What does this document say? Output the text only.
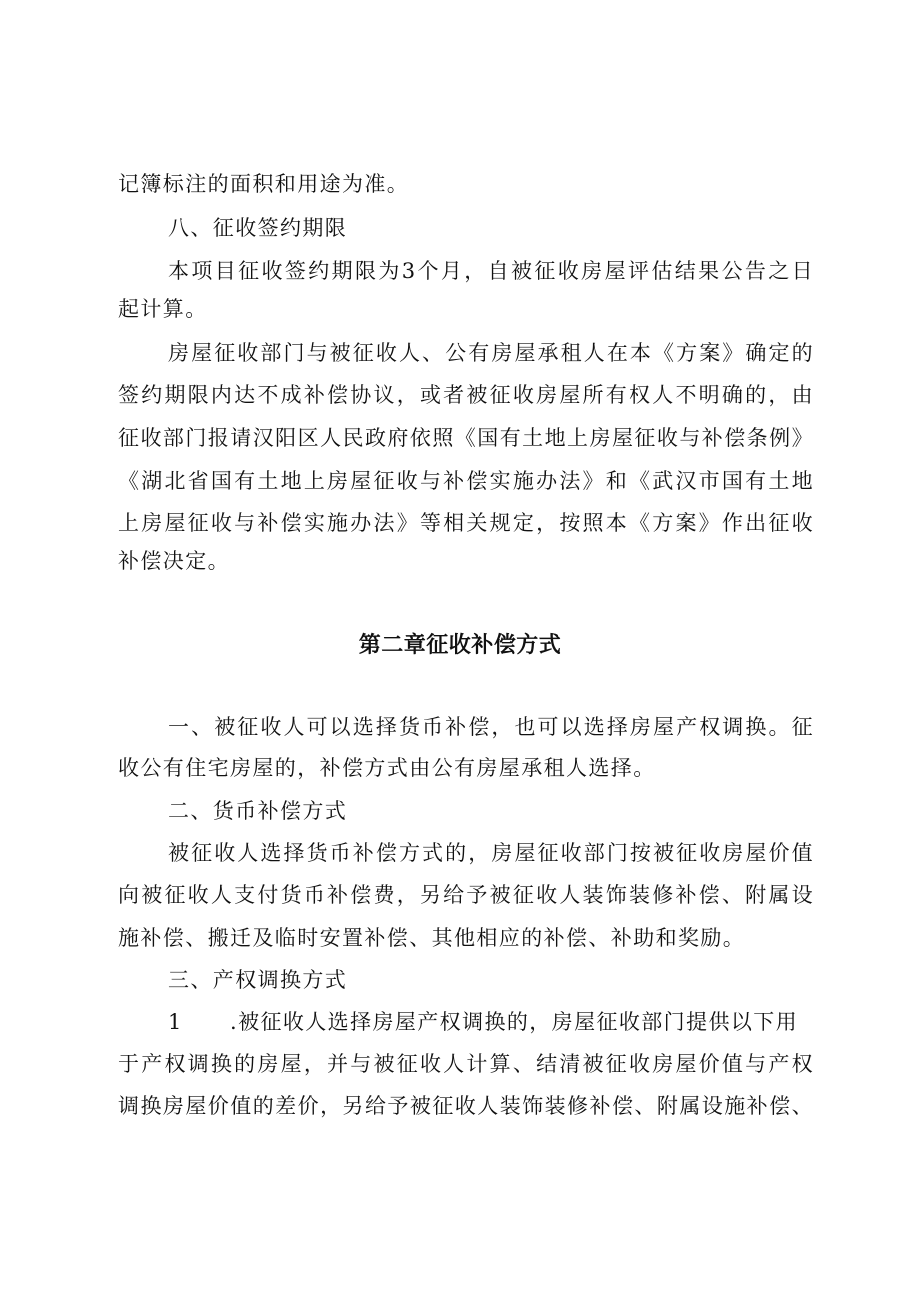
记簿标注的面积和用途为准。
八、征收签约期限
本项目征收签约期限为3个月，自被征收房屋评估结果公告之日
起计算。
房屋征收部门与被征收人、公有房屋承租人在本《方案》确定的
签约期限内达不成补偿协议，或者被征收房屋所有权人不明确的，由
征收部门报请汉阳区人民政府依照《国有土地上房屋征收与补偿条例》
《湖北省国有土地上房屋征收与补偿实施办法》和《武汉市国有土地
上房屋征收与补偿实施办法》等相关规定，按照本《方案》作出征收
补偿决定。
第二章征收补偿方式
一、被征收人可以选择货币补偿，也可以选择房屋产权调换。征
收公有住宅房屋的，补偿方式由公有房屋承租人选择。
二、货币补偿方式
被征收人选择货币补偿方式的，房屋征收部门按被征收房屋价值
向被征收人支付货币补偿费，另给予被征收人装饰装修补偿、附属设
施补偿、搬迁及临时安置补偿、其他相应的补偿、补助和奖励。
三、产权调换方式
1 .被征收人选择房屋产权调换的，房屋征收部门提供以下用
于产权调换的房屋，并与被征收人计算、结清被征收房屋价值与产权
调换房屋价值的差价，另给予被征收人装饰装修补偿、附属设施补偿、
